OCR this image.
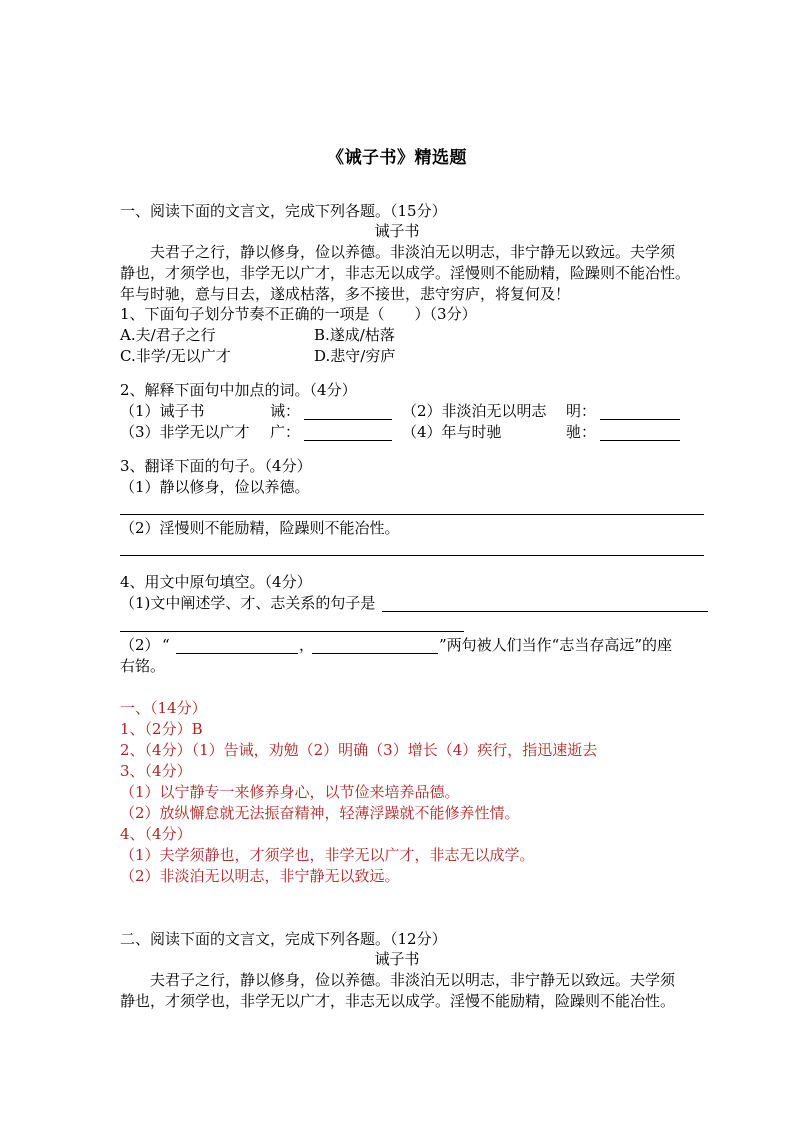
《诫子书》精选题
一、阅读下面的文言文，完成下列各题。（15分）
诫子书
夫君子之行，静以修身，俭以养德。非淡泊无以明志，非宁静无以致远。夫学须
静也，才须学也，非学无以广才，非志无以成学。淫慢则不能励精，险躁则不能冶性。
年与时驰，意与日去，遂成枯落，多不接世，悲守穷庐，将复何及！
1、下面句子划分节奏不正确的一项是（　　）（3分）
A.夫/君子之行	B.遂成/枯落
C.非学/无以广才	D.悲守/穷庐
2、解释下面句中加点的词。（4分）
（1）诫子书	诫：	（2）非淡泊无以明志 明：
（3）非学无以广才 广：	（4）年与时驰	驰：
3、翻译下面的句子。（4分）
（1）静以修身，俭以养德。
（2）淫慢则不能励精，险躁则不能冶性。
4、用文中原句填空。（4分）
（1)文中阐述学、才、志关系的句子是
（2） “	，	”两句被人们当作“志当存高远”的座
右铭。
一、（14分）
1、（2分）B
2、（4分）（1）告诫，劝勉（2）明确（3）增长（4）疾行，指迅速逝去
3、（4分）
（1）以宁静专一来修养身心，以节俭来培养品德。
（2）放纵懈怠就无法振奋精神，轻薄浮躁就不能修养性情。
4、（4分）
（1）夫学须静也，才须学也，非学无以广才，非志无以成学。
（2）非淡泊无以明志，非宁静无以致远。
二、阅读下面的文言文，完成下列各题。（12分）
诫子书
夫君子之行，静以修身，俭以养德。非淡泊无以明志，非宁静无以致远。夫学须
静也，才须学也，非学无以广才，非志无以成学。淫慢不能励精，险躁则不能冶性。
